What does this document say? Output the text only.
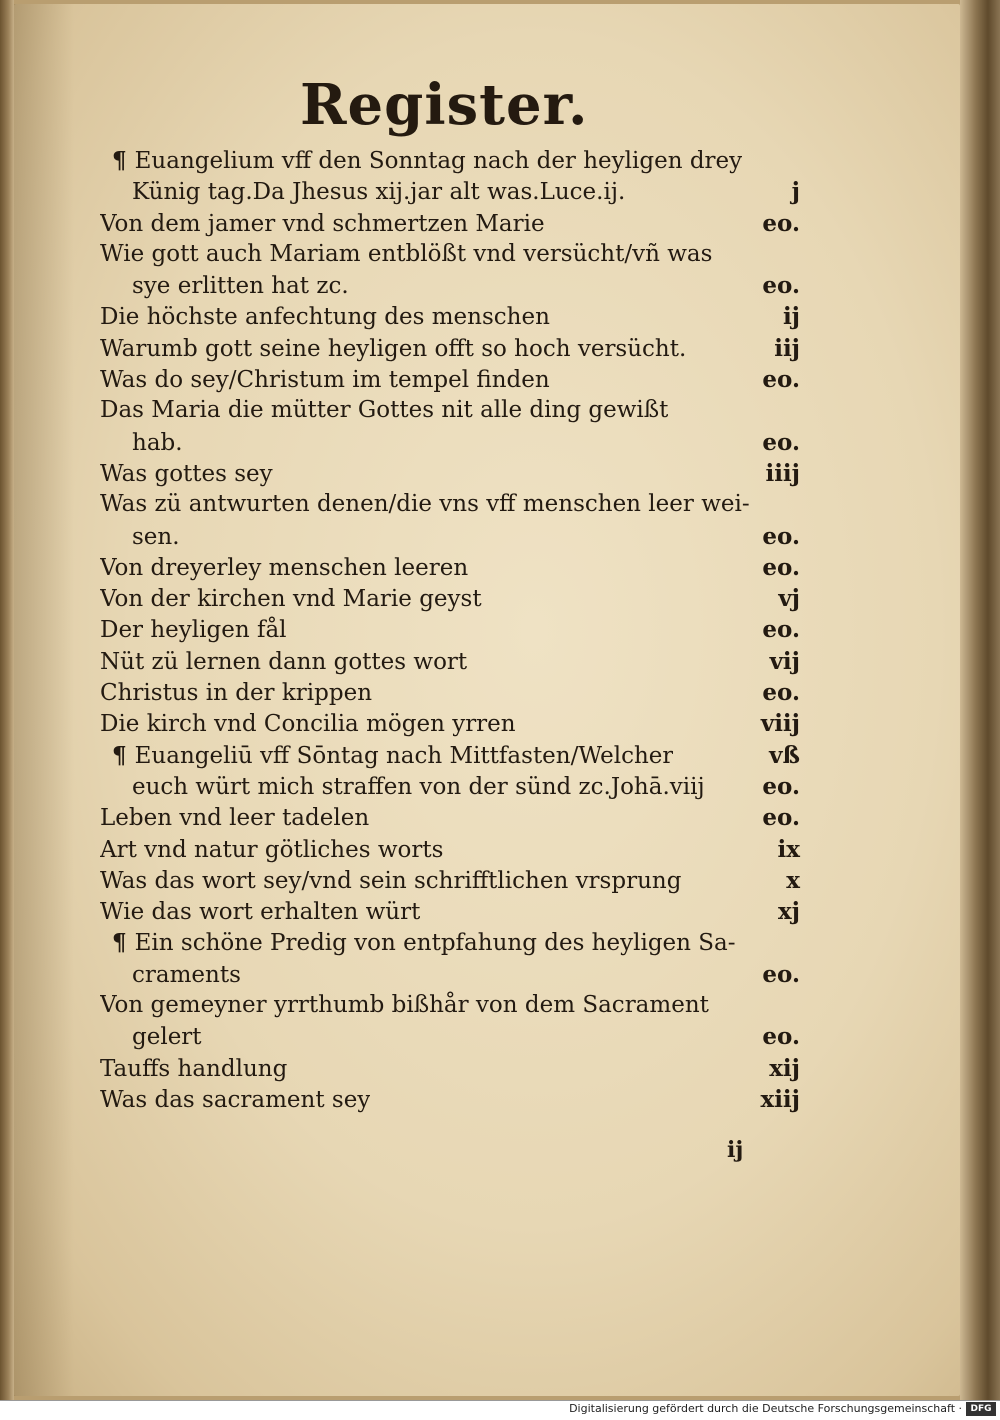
Register.
¶ Euangelium vff den Sonntag nach der heyligen drey
Künig tag.Da Jhesus xij.jar alt was.Luce.ij.	j
Von dem jamer vnd schmertzen Marie	eo.
Wie gott auch Mariam entblößt vnd versücht/vñ was
sye erlitten hat zc.	eo.
Die höchste anfechtung des menschen	ij
Warumb gott seine heyligen offt so hoch versücht.	iij
Was do sey/Christum im tempel finden	eo.
Das Maria die mütter Gottes nit alle ding gewißt
hab.	eo.
Was gottes sey	iiij
Was zü antwurten denen/die vns vff menschen leer wei-
sen.	eo.
Von dreyerley menschen leeren	eo.
Von der kirchen vnd Marie geyst	vj
Der heyligen fål	eo.
Nüt zü lernen dann gottes wort	vij
Christus in der krippen	eo.
Die kirch vnd Concilia mögen yrren	viij
¶ Euangeliū vff Sōntag nach Mittfasten/Welcher	vß
euch würt mich straffen von der sünd zc.Johā.viij	eo.
Leben vnd leer tadelen	eo.
Art vnd natur götliches worts	ix
Was das wort sey/vnd sein schrifftlichen vrsprung	x
Wie das wort erhalten würt	xj
¶ Ein schöne Predig von entpfahung des heyligen Sa-
craments	eo.
Von gemeyner yrrthumb bißhår von dem Sacrament
gelert	eo.
Tauffs handlung	xij
Was das sacrament sey	xiij
ij
Digitalisierung gefördert durch die Deutsche Forschungsgemeinschaft · DFG
